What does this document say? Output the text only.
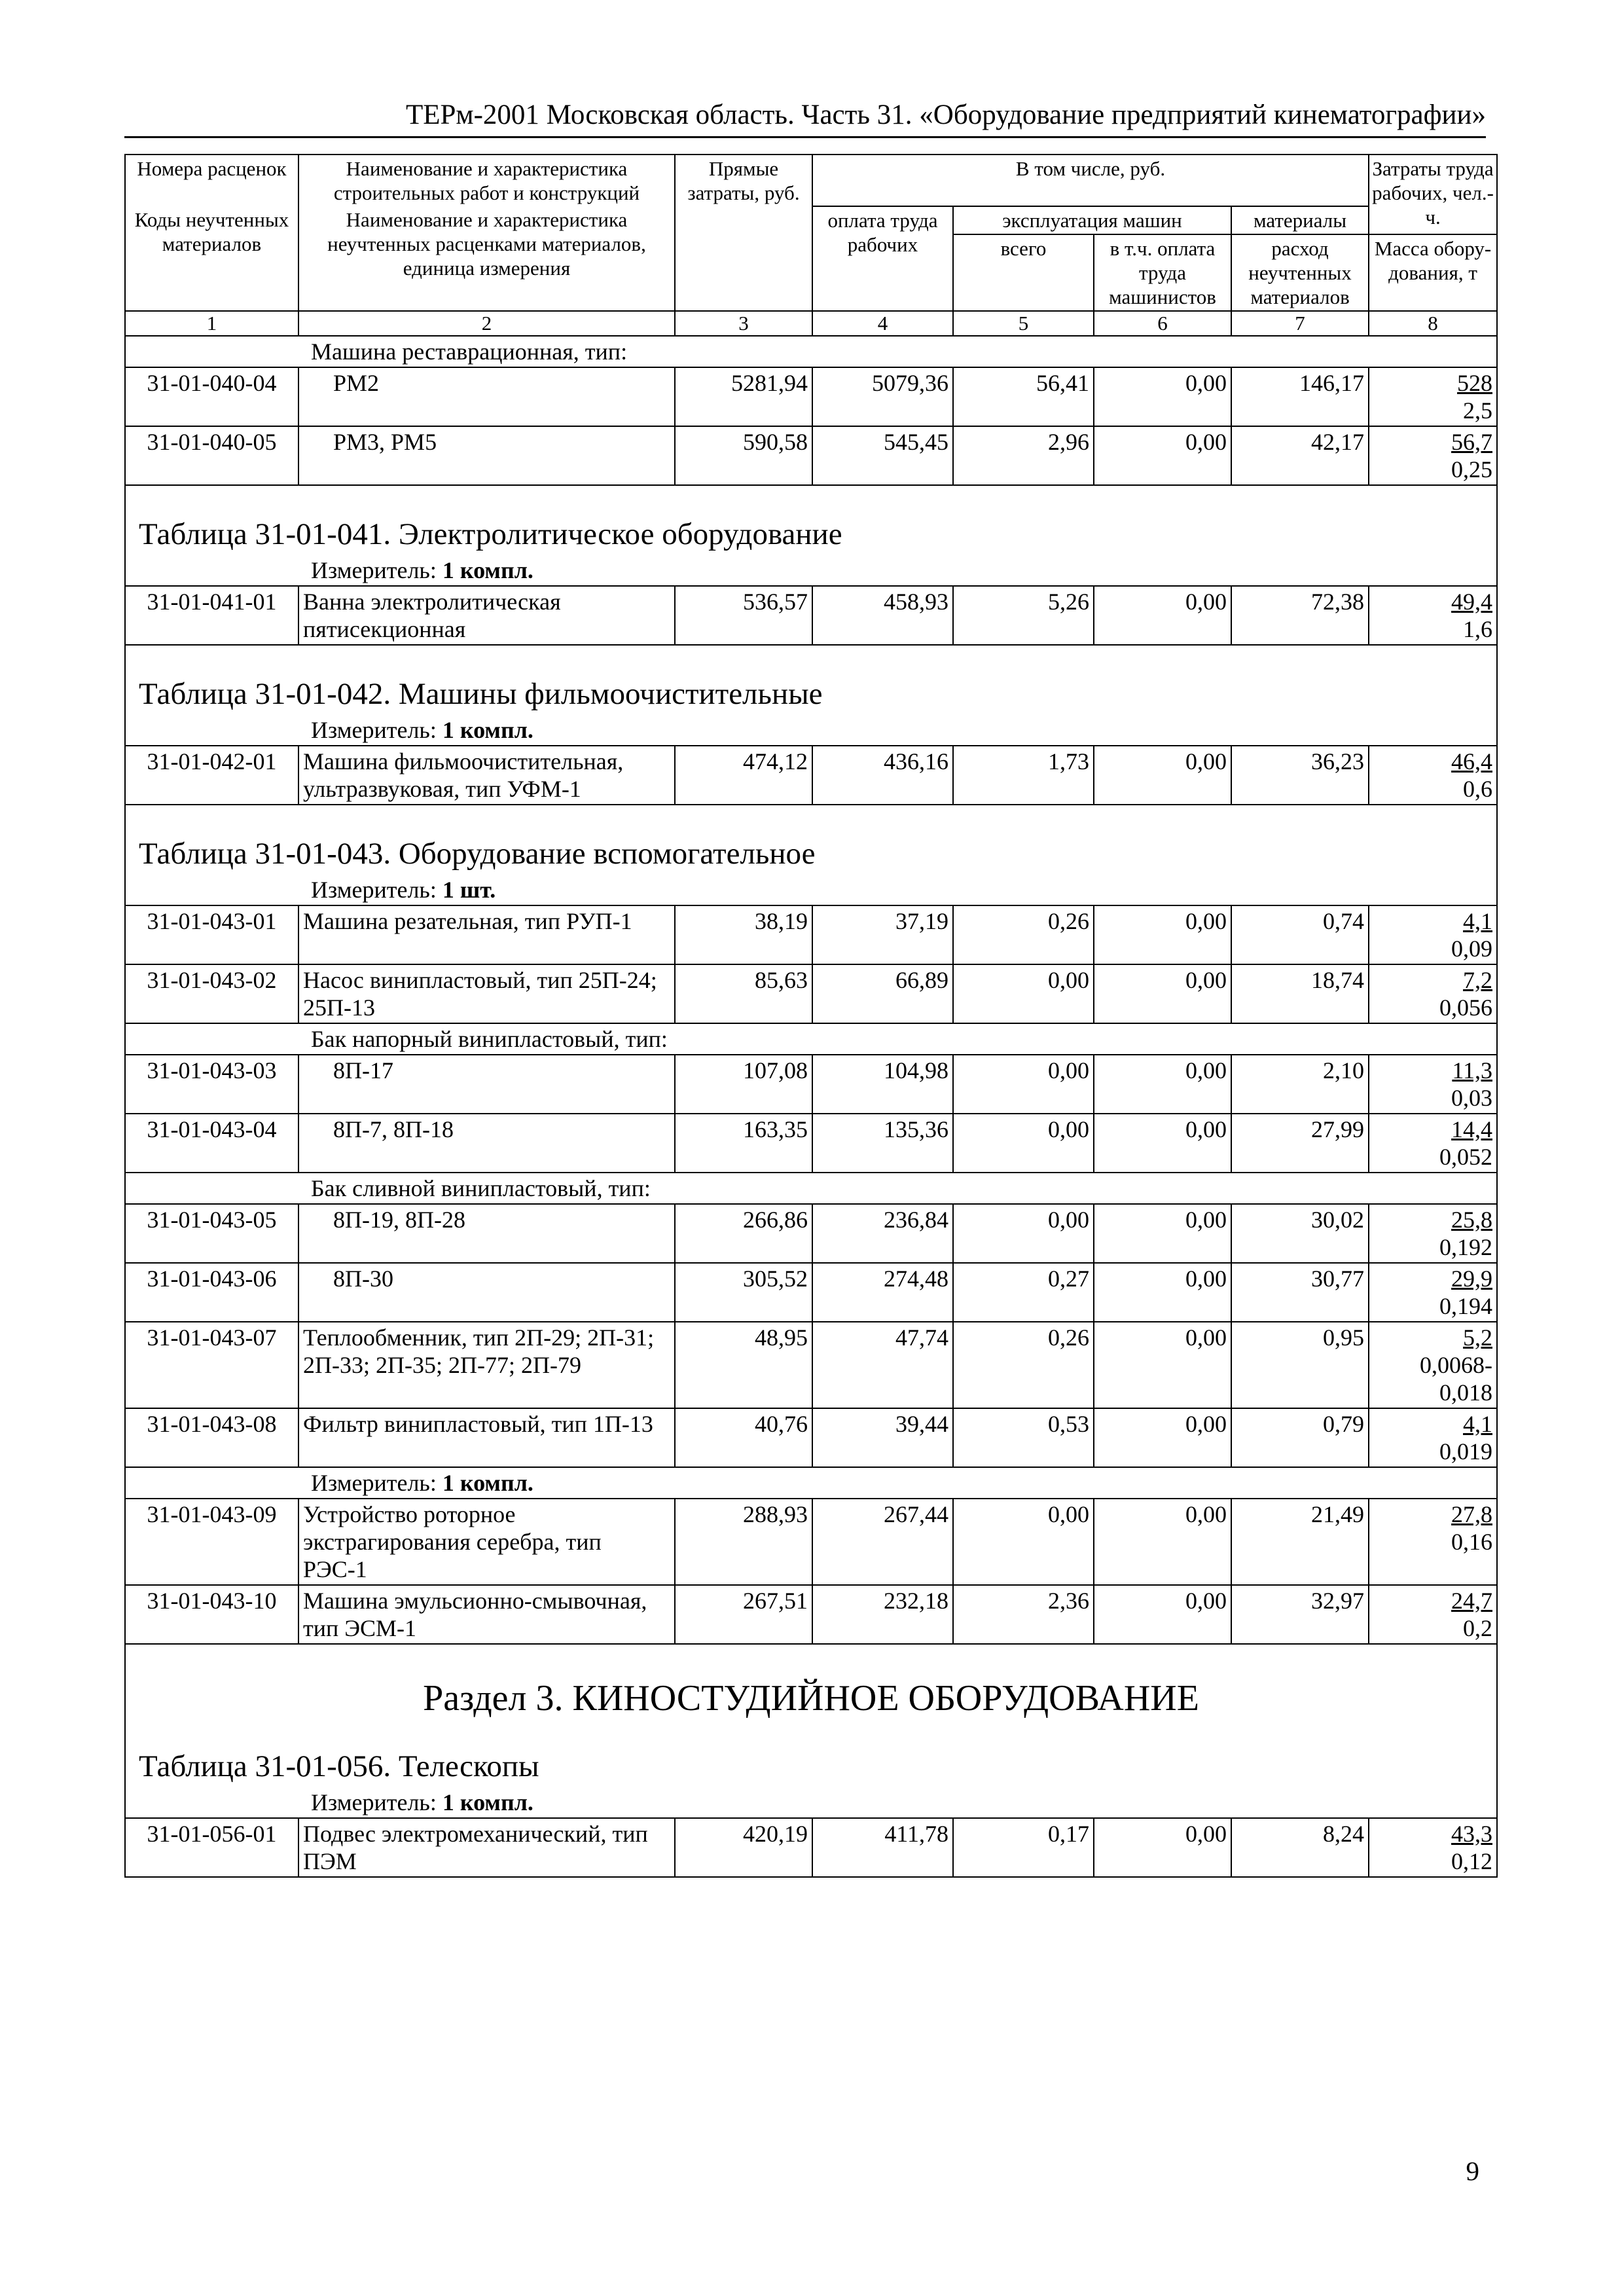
ТЕРм-2001 Московская область. Часть 31. «Оборудование предприятий кинематографии»
Номера расценок	Наименование и характеристика строительных работ и конструкций	Прямые затраты, руб.	В том числе, руб.				Затраты труда рабочих, чел.-ч.
Коды неучтенных материалов	Наименование и характеристика неучтенных расценками материалов, единица измерения		оплата труда рабочих	эксплуатация машин		материалы	
				всего	в т.ч. оплата труда машинистов	расход неучтенных материалов	
							Масса обору-дования, т
1	2	3	4	5	6	7	8
Машина реставрационная, тип:							
31-01-040-04	РМ2	5281,94	5079,36	56,41	0,00	146,17	528
2,5

31-01-040-05	РМ3, РМ5	590,58	545,45	2,96	0,00	42,17	56,7
0,25

Таблица 31-01-041. Электролитическое оборудование							
Измеритель: 1 компл.							
31-01-041-01	Ванна электролитическая пятисекционная	536,57	458,93	5,26	0,00	72,38	49,4
1,6

Таблица 31-01-042. Машины фильмоочистительные							
Измеритель: 1 компл.							
31-01-042-01	Машина фильмоочистительная, ультразвуковая, тип УФМ-1	474,12	436,16	1,73	0,00	36,23	46,4
0,6

Таблица 31-01-043. Оборудование вспомогательное							
Измеритель: 1 шт.							
31-01-043-01	Машина резательная, тип РУП-1	38,19	37,19	0,26	0,00	0,74	4,1
0,09

31-01-043-02	Насос винипластовый, тип 25П-24; 25П-13	85,63	66,89	0,00	0,00	18,74	7,2
0,056

Бак напорный винипластовый, тип:							
31-01-043-03	8П-17	107,08	104,98	0,00	0,00	2,10	11,3
0,03

31-01-043-04	8П-7, 8П-18	163,35	135,36	0,00	0,00	27,99	14,4
0,052

Бак сливной винипластовый, тип:							
31-01-043-05	8П-19, 8П-28	266,86	236,84	0,00	0,00	30,02	25,8
0,192

31-01-043-06	8П-30	305,52	274,48	0,27	0,00	30,77	29,9
0,194

31-01-043-07	Теплообменник, тип 2П-29; 2П-31; 2П-33; 2П-35; 2П-77; 2П-79	48,95	47,74	0,26	0,00	0,95	5,2
0,0068-0,018

31-01-043-08	Фильтр винипластовый, тип 1П-13	40,76	39,44	0,53	0,00	0,79	4,1
0,019

Измеритель: 1 компл.							
31-01-043-09	Устройство роторное экстрагирования серебра, тип РЭС-1	288,93	267,44	0,00	0,00	21,49	27,8
0,16

31-01-043-10	Машина эмульсионно-смывочная, тип ЭСМ-1	267,51	232,18	2,36	0,00	32,97	24,7
0,2

Раздел 3. КИНОСТУДИЙНОЕ ОБОРУДОВАНИЕ							
Таблица 31-01-056. Телескопы							
Измеритель: 1 компл.							
31-01-056-01	Подвес электромеханический, тип ПЭМ	420,19	411,78	0,17	0,00	8,24	43,3
0,12
9
